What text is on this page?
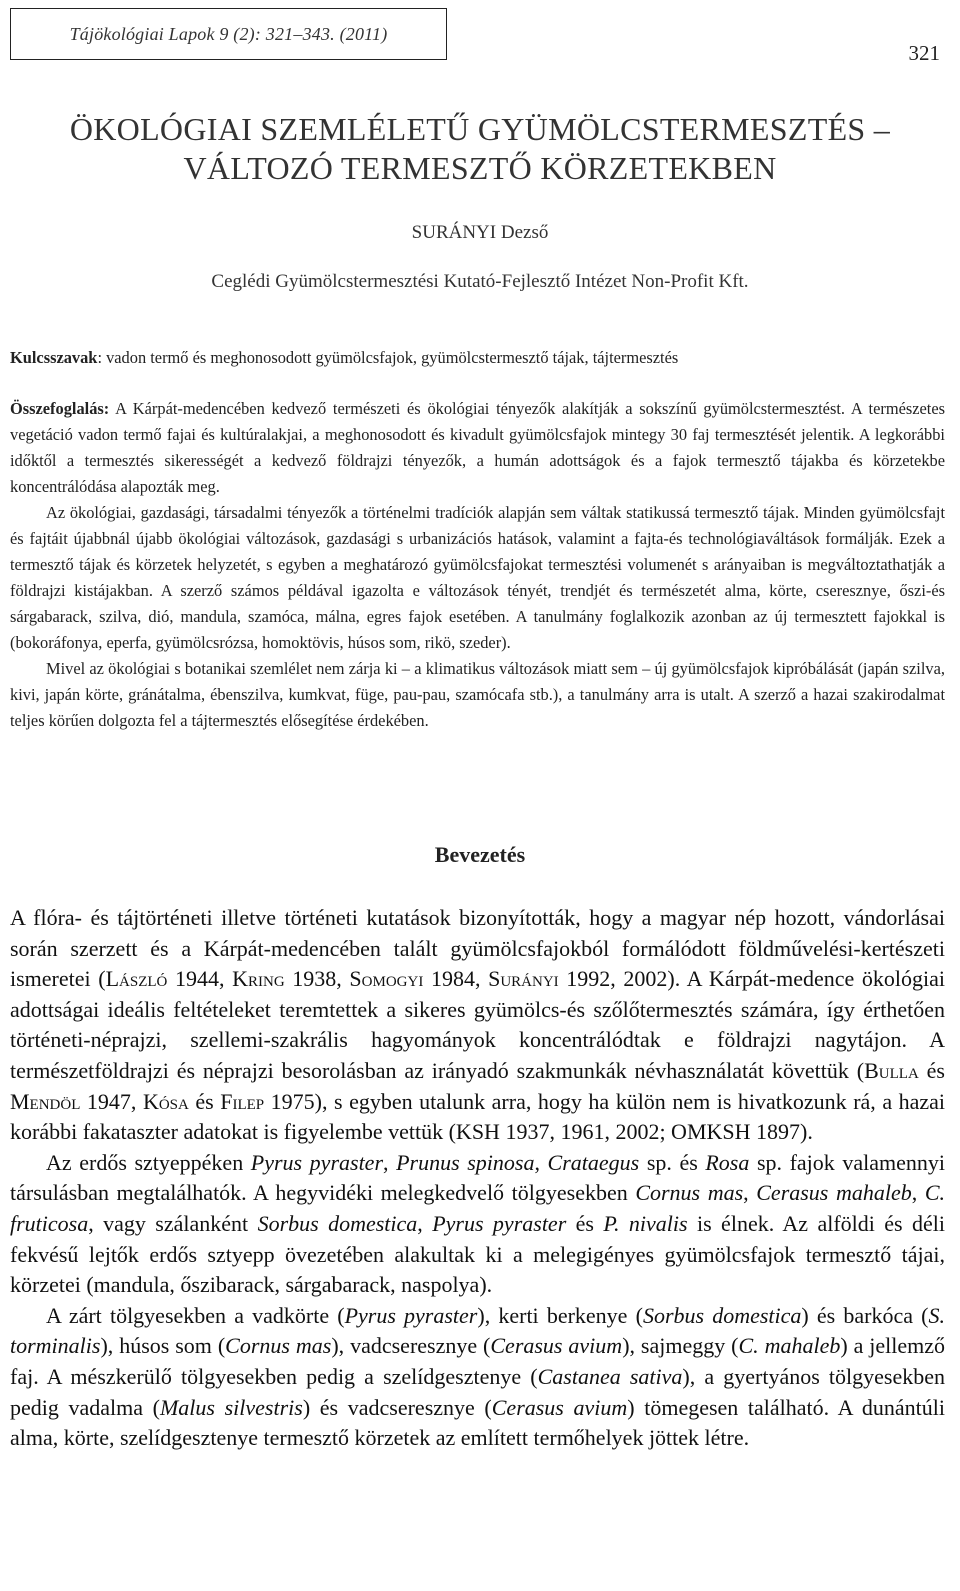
Tájökológiai Lapok 9 (2): 321–343. (2011)
321
ÖKOLÓGIAI SZEMLÉLETŰ GYÜMÖLCSTERMESZTÉS –
VÁLTOZÓ TERMESZTŐ KÖRZETEKBEN
SURÁNYI Dezső
Ceglédi Gyümölcstermesztési Kutató-Fejlesztő Intézet Non-Profit Kft.
Kulcsszavak: vadon termő és meghonosodott gyümölcsfajok, gyümölcstermesztő tájak, tájtermesztés

Összefoglalás: A Kárpát-medencében kedvező természeti és ökológiai tényezők alakítják a sokszínű gyümölcstermesztést. A természetes vegetáció vadon termő fajai és kultúralakjai, a meghonosodott és kivadult gyümölcsfajok mintegy 30 faj termesztését jelentik. A legkorábbi időktől a termesztés sikerességét a kedvező földrajzi tényezők, a humán adottságok és a fajok termesztő tájakba és körzetekbe koncentrálódása alapozták meg.

Az ökológiai, gazdasági, társadalmi tényezők a történelmi tradíciók alapján sem váltak statikussá termesztő tájak. Minden gyümölcsfajt és fajtáit újabbnál újabb ökológiai változások, gazdasági s urbanizációs hatások, valamint a fajta-és technológiaváltások formálják. Ezek a termesztő tájak és körzetek helyzetét, s egyben a meghatározó gyümölcsfajokat termesztési volumenét s arányaiban is megváltoztathatják a földrajzi kistájakban. A szerző számos példával igazolta e változások tényét, trendjét és természetét alma, körte, cseresznye, őszi-és sárgabarack, szilva, dió, mandula, szamóca, málna, egres fajok esetében. A tanulmány foglalkozik azonban az új termesztett fajokkal is (bokoráfonya, eperfa, gyümölcsrózsa, homoktövis, húsos som, rikö, szeder).

Mivel az ökológiai s botanikai szemlélet nem zárja ki – a klimatikus változások miatt sem – új gyümölcsfajok kipróbálását (japán szilva, kivi, japán körte, gránátalma, ébenszilva, kumkvat, füge, pau-pau, szamócafa stb.), a tanulmány arra is utalt. A szerző a hazai szakirodalmat teljes körűen dolgozta fel a tájtermesztés elősegítése érdekében.

Bevezetés

A flóra- és tájtörténeti illetve történeti kutatások bizonyították, hogy a magyar nép hozott, vándorlásai során szerzett és a Kárpát-medencében talált gyümölcsfajokból formálódott földművelési-kertészeti ismeretei (László 1944, Kring 1938, Somogyi 1984, Surányi 1992, 2002). A Kárpát-medence ökológiai adottságai ideális feltételeket teremtettek a sikeres gyümölcs-és szőlőtermesztés számára, így érthetően történeti-néprajzi, szellemi-szakrális hagyományok koncentrálódtak e földrajzi nagytájon. A természetföldrajzi és néprajzi besorolásban az irányadó szakmunkák névhasználatát követtük (Bulla és Mendöl 1947, Kósa és Filep 1975), s egyben utalunk arra, hogy ha külön nem is hivatkozunk rá, a hazai korábbi fakataszter adatokat is figyelembe vettük (KSH 1937, 1961, 2002; OMKSH 1897).

Az erdős sztyeppéken Pyrus pyraster, Prunus spinosa, Crataegus sp. és Rosa sp. fajok valamennyi társulásban megtalálhatók. A hegyvidéki melegkedvelő tölgyesekben Cornus mas, Cerasus mahaleb, C. fruticosa, vagy szálanként Sorbus domestica, Pyrus pyraster és P. nivalis is élnek. Az alföldi és déli fekvésű lejtők erdős sztyepp övezetében alakultak ki a melegigényes gyümölcsfajok termesztő tájai, körzetei (mandula, őszibarack, sárgabarack, naspolya).

A zárt tölgyesekben a vadkörte (Pyrus pyraster), kerti berkenye (Sorbus domestica) és barkóca (S. torminalis), húsos som (Cornus mas), vadcseresznye (Cerasus avium), sajmeggy (C. mahaleb) a jellemző faj. A mészkerülő tölgyesekben pedig a szelídgesztenye (Castanea sativa), a gyertyános tölgyesekben pedig vadalma (Malus silvestris) és vadcseresznye (Cerasus avium) tömegesen található. A dunántúli alma, körte, szelídgesztenye termesztő körzetek az említett termőhelyek jöttek létre.
